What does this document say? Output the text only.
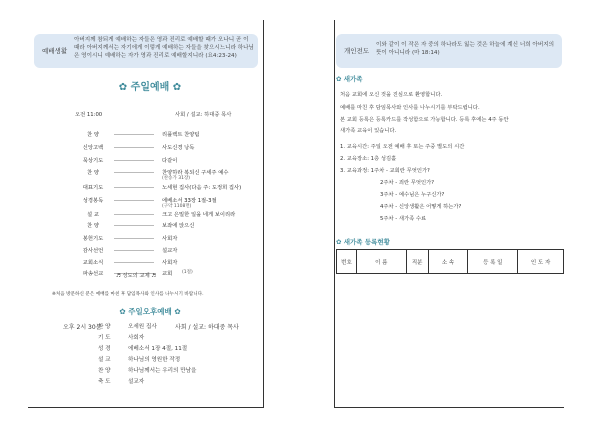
예배생활
아버지께 참되게 예배하는 자들은 영과 진리로 예배할 때가 오나니 곧 이 때라 아버지께서는 자기에게 이렇게 예배하는 자들을 찾으시느니라 하나님은 영이시니 예배하는 자가 영과 진리로 예배할지니라 (요4:23-24)
✿ 주일예배 ✿
오전 11:00	사회 / 설교: 하대중 목사
찬 양	리플렉트 찬양팀
신앙고백	사도신경 낭독
묵상기도	다같이
찬 양	찬양하라 복되신 구세주 예수
(찬송가 31장)
대표기도	노세현 집사(다음 주: 도정희 집사)
성경봉독	에베소서 33장 1절-3절
(구약 1108면)
설 교	크고 은밀한 일을 네게 보이리라
찬 양	보좌에 앉으신
봉헌기도	사회자
감사선언	설교자
교회소식	사회자
파송선교	교회 (1절)
♬ 성도의 교제 ♬
※처음 방문하신 분은 예배를 마친 후 담임목사와 인사를 나누시기 바랍니다.
✿ 주일오후예배 ✿
오후 2시 30분	사회 / 설교: 하대중 목사
찬 양	오세원 집사
기 도	사회자
성 경	에베소서 1장 4절, 11절
설 교	하나님의 영원한 작정
찬 양	하나님께서는 우리의 만남을
축 도	설교자
개인전도
이와 같이 이 작은 자 중의 하나라도 잃는 것은 하늘에 계신 너희 아버지의 뜻이 아니니라 (마 18:14)
✿ 새가족
처음 교회에 오신 것을 진심으로 환영합니다.
예배를 마친 후 담임목사와 인사를 나누시기를 부탁드립니다.
본 교회 등록은 등록카드를 작성함으로 가능합니다. 등록 후에는 4주 동안
새가족 교육이 있습니다.
1. 교육시간: 주일 오전 예배 후 또는 주중 별도의 시간
2. 교육장소: 1층 성김홀
3. 교육과정: 1주차 - 교회란 무엇인가?
2주차 - 죄란 무엇인가?
3주차 - 예수님은 누구신가?
4주차 - 신앙생활은 어떻게 하는가?
5주차 - 새가족 수료
✿ 새가족 등록현황
번호	이 름	직분	소 속	등 록 일	인 도 자
